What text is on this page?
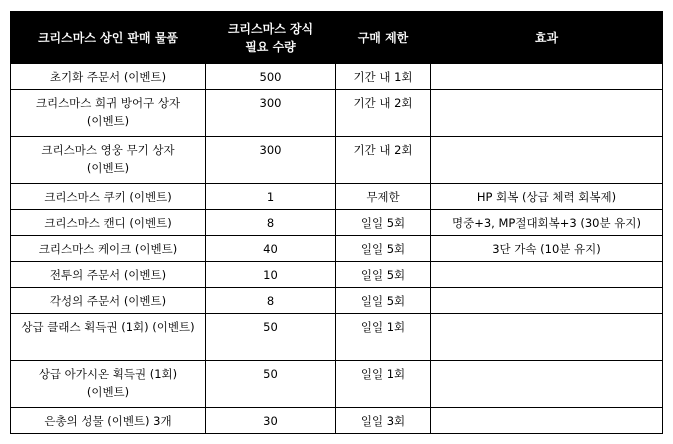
크리스마스 상인 판매 물품	크리스마스 장식
필요 수량	구매 제한	효과
초기화 주문서 (이벤트)	500	기간 내 1회	
크리스마스 희귀 방어구 상자 (이벤트)	300	기간 내 2회	
크리스마스 영웅 무기 상자 (이벤트)	300	기간 내 2회	
크리스마스 쿠키 (이벤트)	1	무제한	HP 회복 (상급 체력 회복제)
크리스마스 캔디 (이벤트)	8	일일 5회	명중+3, MP절대회복+3 (30분 유지)
크리스마스 케이크 (이벤트)	40	일일 5회	3단 가속 (10분 유지)
전투의 주문서 (이벤트)	10	일일 5회	
각성의 주문서 (이벤트)	8	일일 5회	
상급 클래스 획득권 (1회) (이벤트)	50	일일 1회	
상급 아가시온 획득권 (1회) (이벤트)	50	일일 1회	
은총의 성물 (이벤트) 3개	30	일일 3회	
